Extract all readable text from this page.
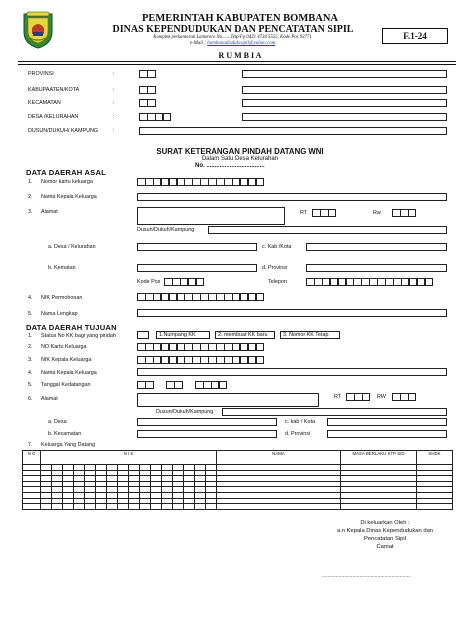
PEMERINTAH KABUPATEN BOMBANA
DINAS KEPENDUDUKAN DAN PENCATATAN SIPIL
Komplek perkantoran Lameroro No.......Telp/Fp 0421 4734 5555, Kode Pos 93771
e-Mail : bombanadisdukcapil@yahoo.com
R U M B I A
F.1-24
PROVINSI	:
KABUPAATEN/KOTA	:
KECAMATAN	:
DESA /KELURAHAN	:
DUSUN/DUKUH/ KAMPUNG	:
SURAT KETERANGAN PINDAH DATANG WNI
Dalam Satu Desa Kelurahan
No. ...................................
DATA DAERAH ASAL
1. Nomor kartu keluarga
2. Nama Kepala Keluarga
3. Alamat	RT	Rw
Dusun/Dukuh/Kampung
a. Desa / Kelurahan	c. Kab /Kota
b. Kematan	d. Provinsi
Kode Pos	Telepon
4. NIK Permohonan
5. Nama Lengkap
DATA DAERAH TUJUAN
1. Status No KK bagi yang pindah	1.Numpang KK	2. membuat KK baru	3. Nomor KK Tetap
2. NO Kartu Keluarga
3. NIK Kepala Keluarga
4. Nama Kepala Keluarga
5. Tanggal Kedatangan
6. Alamat	RT	RW
Dusun/Dukuh/Kampung
a. Desa	c. kab / Kota
b. Kecamatan	d. Provinsi
7. Keluarga Yang Datang
N O	N I K																NAMA	MASA BERLAKU KTP S/D	SHDK

Di keluarkan Oleh :
a.n Kepala Dinas Kependudukan dan
Pencatatan Sipil
Camat
................................................................
